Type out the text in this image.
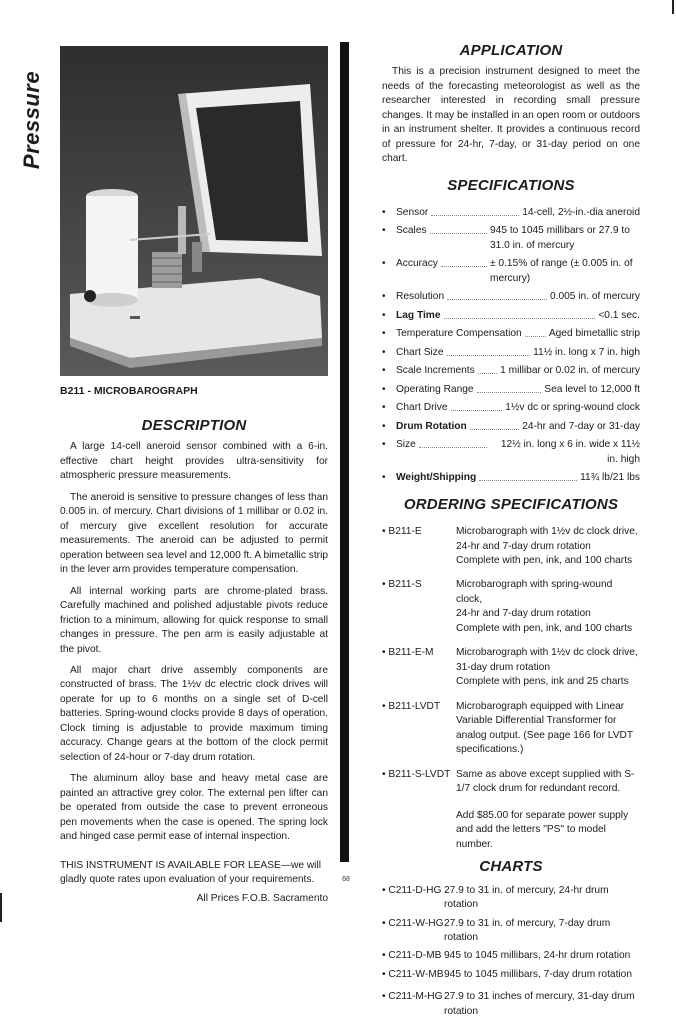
Pressure
68
B211 - MICROBAROGRAPH
DESCRIPTION

A large 14-cell aneroid sensor combined with a 6-in. effective chart height provides ultra-sensitivity for atmospheric pressure measurements.

The aneroid is sensitive to pressure changes of less than 0.005 in. of mercury. Chart divisions of 1 millibar or 0.02 in. of mercury give excellent resolution for accurate measurements. The aneroid can be adjusted to permit operation between sea level and 12,000 ft. A bimetallic strip in the lever arm provides temperature compensation.

All internal working parts are chrome-plated brass. Carefully machined and polished adjustable pivots reduce friction to a minimum, allowing for quick response to small changes in pressure. The pen arm is easily adjustable at the pivot.

All major chart drive assembly components are constructed of brass. The 1½v dc electric clock drives will operate for up to 6 months on a single set of D-cell batteries. Spring-wound clocks provide 8 days of operation. Clock timing is adjustable to provide maximum timing accuracy. Change gears at the bottom of the clock permit selection of 24-hour or 7-day drum rotation.

The aluminum alloy base and heavy metal case are painted an attractive grey color. The external pen lifter can be operated from outside the case to prevent erroneous pen movements when the case is opened. The spring lock and hinged case permit ease of internal inspection.

THIS INSTRUMENT IS AVAILABLE FOR LEASE—we will gladly quote rates upon evaluation of your requirements.

All Prices F.O.B. Sacramento

APPLICATION

This is a precision instrument designed to meet the needs of the forecasting meteorologist as well as the researcher interested in recording small pressure changes. It may be installed in an open room or outdoors in an instrument shelter. It provides a continuous record of pressure for 24-hr, 7-day, or 31-day period on one chart.

SPECIFICATIONS
•	Sensor	14-cell, 2½-in.-dia aneroid
•	Scales	945 to 1045 millibars or 27.9 to 31.0 in. of mercury
•	Accuracy	± 0.15% of range (± 0.005 in. of mercury)
•	Resolution	0.005 in. of mercury
•	Lag Time	<0.1 sec.
•	Temperature Compensation	Aged bimetallic strip
•	Chart Size	11½ in. long x 7 in. high
•	Scale Increments 1 millibar or 0.02 in. of mercury
•	Operating Range	Sea level to 12,000 ft
•	Chart Drive	1½v dc or spring-wound clock
•	Drum Rotation	24-hr and 7-day or 31-day
•	Size	12½ in. long x 6 in. wide x 11½ in. high
•	Weight/Shipping	11¾ lb/21 lbs
ORDERING SPECIFICATIONS
• B211-E	Microbarograph with 1½v dc clock drive,
24-hr and 7-day drum rotation
Complete with pen, ink, and 100 charts
• B211-S	Microbarograph with spring-wound clock,
24-hr and 7-day drum rotation
Complete with pen, ink, and 100 charts
• B211-E-M	Microbarograph with 1½v dc clock drive,
31-day drum rotation
Complete with pens, ink and 25 charts
• B211-LVDT	Microbarograph equipped with Linear Variable Differential Transformer for analog output. (See page 166 for LVDT specifications.)
• B211-S-LVDT Same as above except supplied with S-1/7 clock drum for redundant record.

Add $85.00 for separate power supply and add the letters "PS" to model number.

CHARTS
• C211-D-HG 27.9 to 31 in. of mercury, 24-hr drum rotation
• C211-W-HG 27.9 to 31 in. of mercury, 7-day drum rotation
• C211-D-MB 945 to 1045 millibars, 24-hr drum rotation
• C211-W-MB 945 to 1045 millibars, 7-day drum rotation
• C211-M-HG 27.9 to 31 inches of mercury, 31-day drum rotation
